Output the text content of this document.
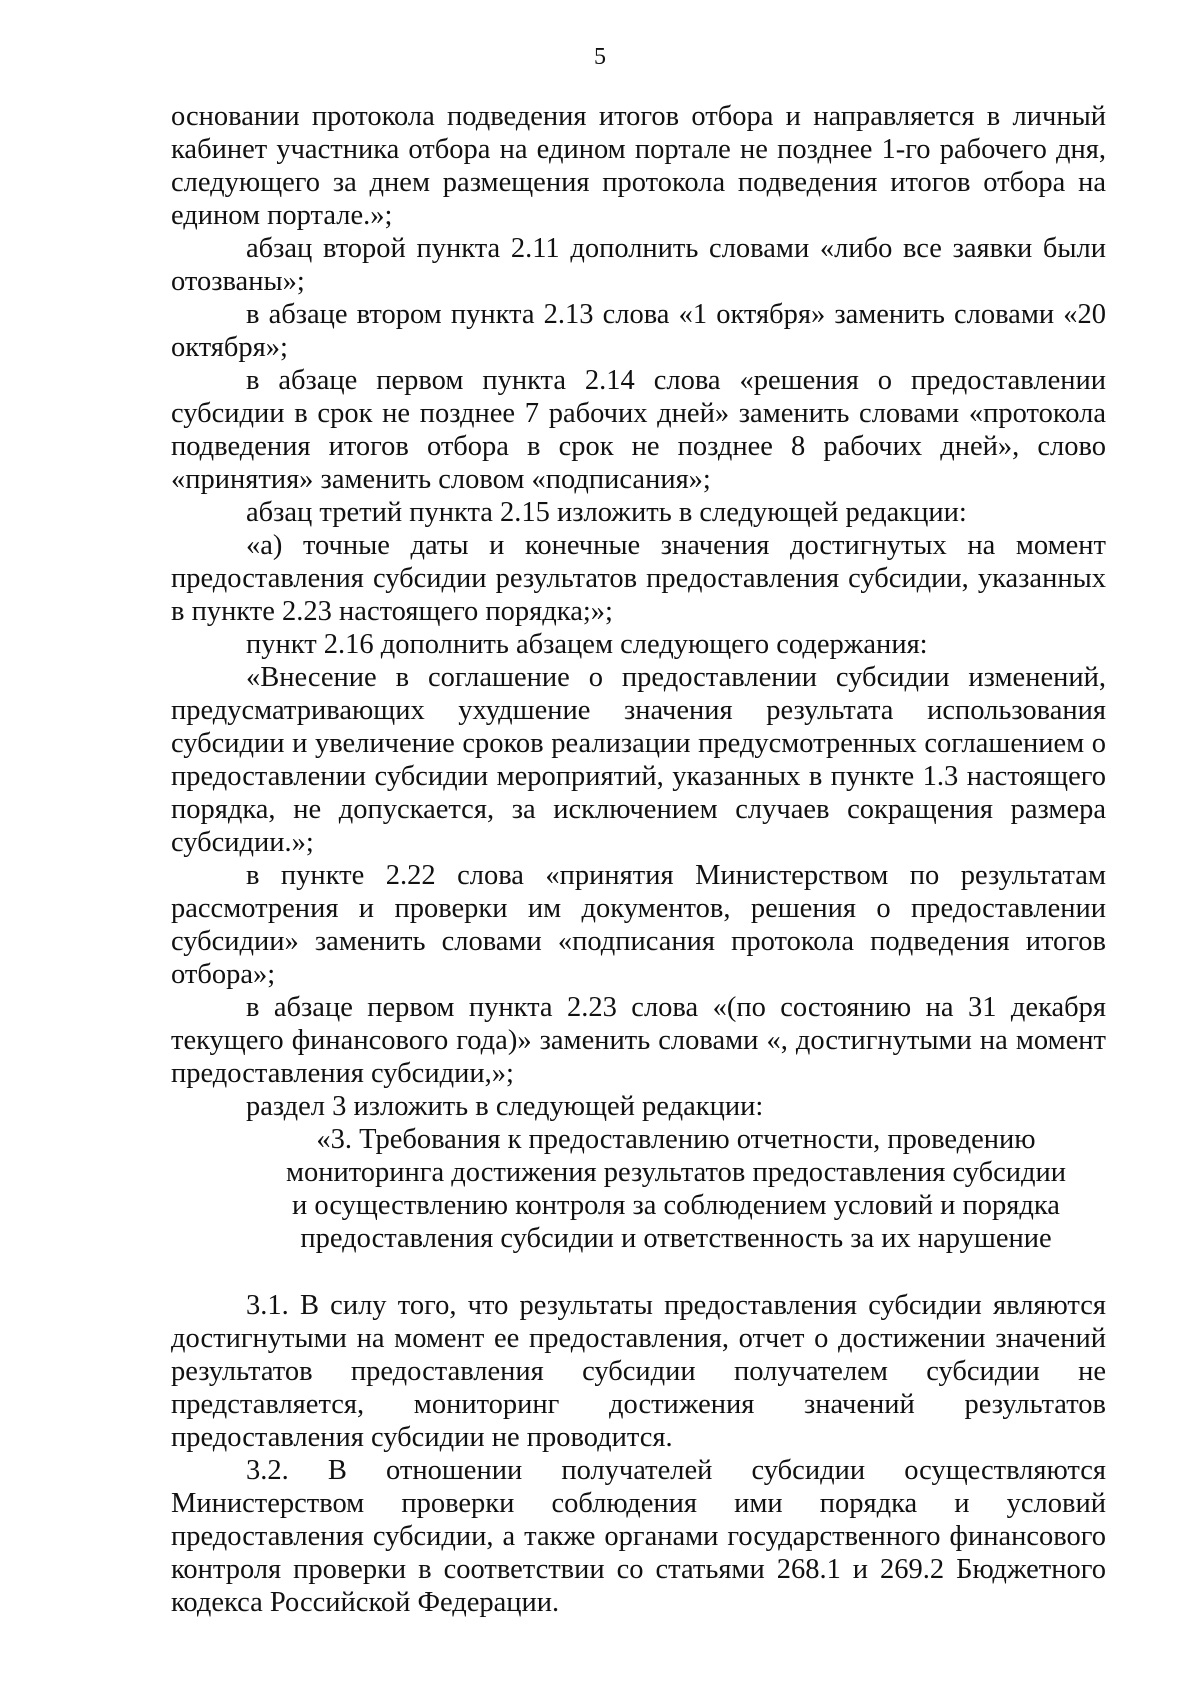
5

основании протокола подведения итогов отбора и направляется в личный кабинет участника отбора на едином портале не позднее 1-го рабочего дня, следующего за днем размещения протокола подведения итогов отбора на едином портале.»;

абзац второй пункта 2.11 дополнить словами «либо все заявки были отозваны»;

в абзаце втором пункта 2.13 слова «1 октября» заменить словами «20 октября»;

в абзаце первом пункта 2.14 слова «решения о предоставлении субсидии в срок не позднее 7 рабочих дней» заменить словами «протокола подведения итогов отбора в срок не позднее 8 рабочих дней», слово «принятия» заменить словом «подписания»;

абзац третий пункта 2.15 изложить в следующей редакции:

«а) точные даты и конечные значения достигнутых на момент предоставления субсидии результатов предоставления субсидии, указанных в пункте 2.23 настоящего порядка;»;

пункт 2.16 дополнить абзацем следующего содержания:

«Внесение в соглашение о предоставлении субсидии изменений, предусматривающих ухудшение значения результата использования субсидии и увеличение сроков реализации предусмотренных соглашением о предоставлении субсидии мероприятий, указанных в пункте 1.3 настоящего порядка, не допускается, за исключением случаев сокращения размера субсидии.»;

в пункте 2.22 слова «принятия Министерством по результатам рассмотрения и проверки им документов, решения о предоставлении субсидии» заменить словами «подписания протокола подведения итогов отбора»;

в абзаце первом пункта 2.23 слова «(по состоянию на 31 декабря текущего финансового года)» заменить словами «, достигнутыми на момент предоставления субсидии,»;

раздел 3 изложить в следующей редакции:

«3. Требования к предоставлению отчетности, проведению
мониторинга достижения результатов предоставления субсидии
и осуществлению контроля за соблюдением условий и порядка
предоставления субсидии и ответственность за их нарушение

3.1. В силу того, что результаты предоставления субсидии являются достигнутыми на момент ее предоставления, отчет о достижении значений результатов предоставления субсидии получателем субсидии не представляется, мониторинг достижения значений результатов предоставления субсидии не проводится.

3.2. В отношении получателей субсидии осуществляются Министерством проверки соблюдения ими порядка и условий предоставления субсидии, а также органами государственного финансового контроля проверки в соответствии со статьями 268.1 и 269.2 Бюджетного кодекса Российской Федерации.
